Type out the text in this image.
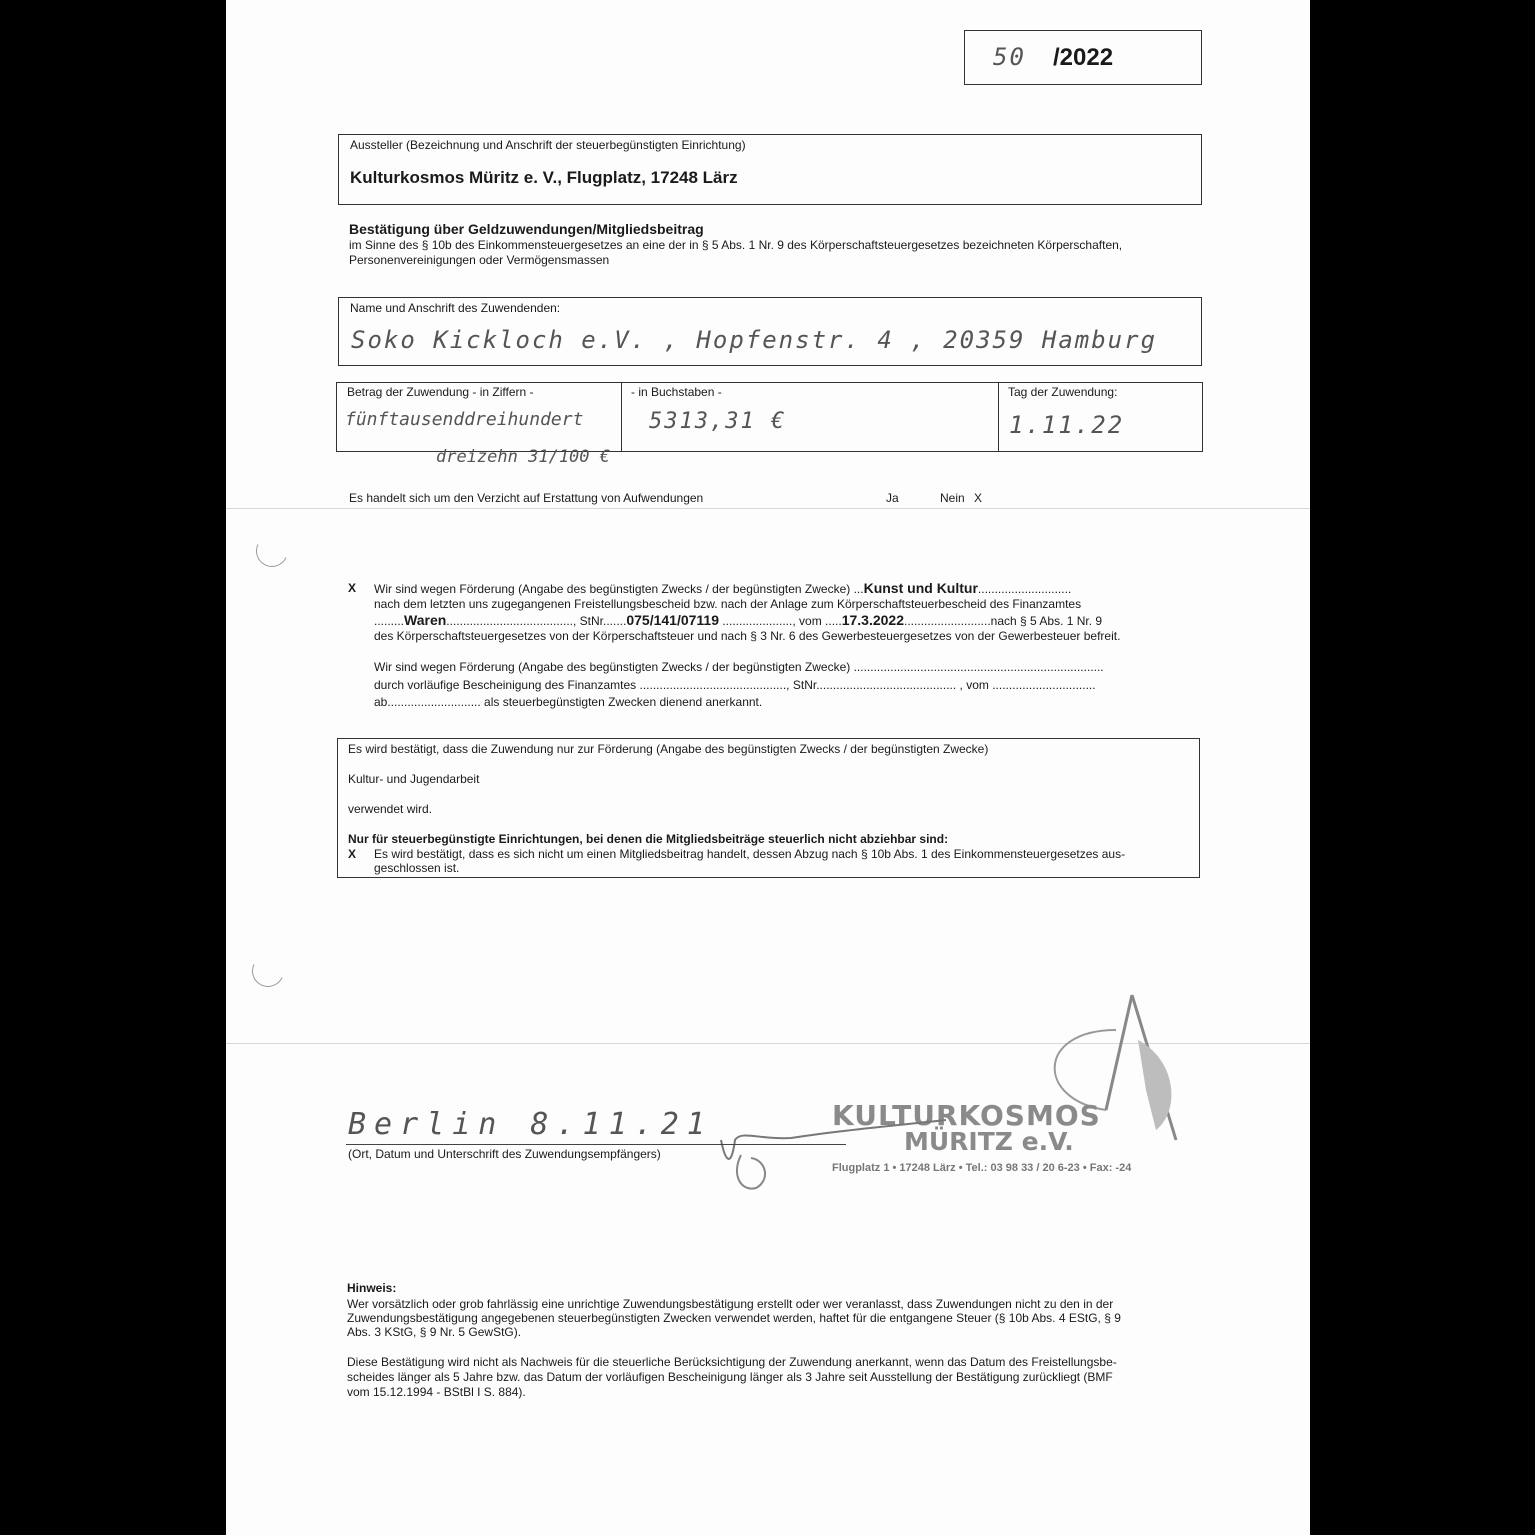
50 /2022
Aussteller (Bezeichnung und Anschrift der steuerbegünstigten Einrichtung)
Kulturkosmos Müritz e. V., Flugplatz, 17248 Lärz
Bestätigung über Geldzuwendungen/Mitgliedsbeitrag
im Sinne des § 10b des Einkommensteuergesetzes an eine der in § 5 Abs. 1 Nr. 9 des Körperschaftsteuergesetzes bezeichneten Körperschaften,
Personenvereinigungen oder Vermögensmassen
Name und Anschrift des Zuwendenden:
Soko Kickloch e.V. , Hopfenstr. 4 , 20359 Hamburg
Betrag der Zuwendung - in Ziffern -
fünftausenddreihundert
- in Buchstaben -
5313,31 €
Tag der Zuwendung:
1.11.22
dreizehn 31/100 €
Es handelt sich um den Verzicht auf Erstattung von Aufwendungen	Ja	Nein X
X Wir sind wegen Förderung (Angabe des begünstigten Zwecks / der begünstigten Zwecke) ...Kunst und Kultur............................
nach dem letzten uns zugegangenen Freistellungsbescheid bzw. nach der Anlage zum Körperschaftsteuerbescheid des Finanzamtes
.........Waren......................................, StNr.......075/141/07119 ....................., vom .....17.3.2022..........................nach § 5 Abs. 1 Nr. 9
des Körperschaftsteuergesetzes von der Körperschaftsteuer und nach § 3 Nr. 6 des Gewerbesteuergesetzes von der Gewerbesteuer befreit.
Wir sind wegen Förderung (Angabe des begünstigten Zwecks / der begünstigten Zwecke) ...........................................................................
durch vorläufige Bescheinigung des Finanzamtes ............................................, StNr.......................................... , vom ...............................
ab............................ als steuerbegünstigten Zwecken dienend anerkannt.
Es wird bestätigt, dass die Zuwendung nur zur Förderung (Angabe des begünstigten Zwecks / der begünstigten Zwecke)
Kultur- und Jugendarbeit
verwendet wird.
Nur für steuerbegünstigte Einrichtungen, bei denen die Mitgliedsbeiträge steuerlich nicht abziehbar sind:
X Es wird bestätigt, dass es sich nicht um einen Mitgliedsbeitrag handelt, dessen Abzug nach § 10b Abs. 1 des Einkommensteuergesetzes aus-
geschlossen ist.
KULTURKOSMOS
MÜRITZ e.V.
Flugplatz 1 • 17248 Lärz • Tel.: 03 98 33 / 20 6-23 • Fax: -24
Berlin 8.11.21
(Ort, Datum und Unterschrift des Zuwendungsempfängers)
Hinweis:
Wer vorsätzlich oder grob fahrlässig eine unrichtige Zuwendungsbestätigung erstellt oder wer veranlasst, dass Zuwendungen nicht zu den in der
Zuwendungsbestätigung angegebenen steuerbegünstigten Zwecken verwendet werden, haftet für die entgangene Steuer (§ 10b Abs. 4 EStG, § 9
Abs. 3 KStG, § 9 Nr. 5 GewStG).
Diese Bestätigung wird nicht als Nachweis für die steuerliche Berücksichtigung der Zuwendung anerkannt, wenn das Datum des Freistellungsbe-
scheides länger als 5 Jahre bzw. das Datum der vorläufigen Bescheinigung länger als 3 Jahre seit Ausstellung der Bestätigung zurückliegt (BMF
vom 15.12.1994 - BStBl I S. 884).
